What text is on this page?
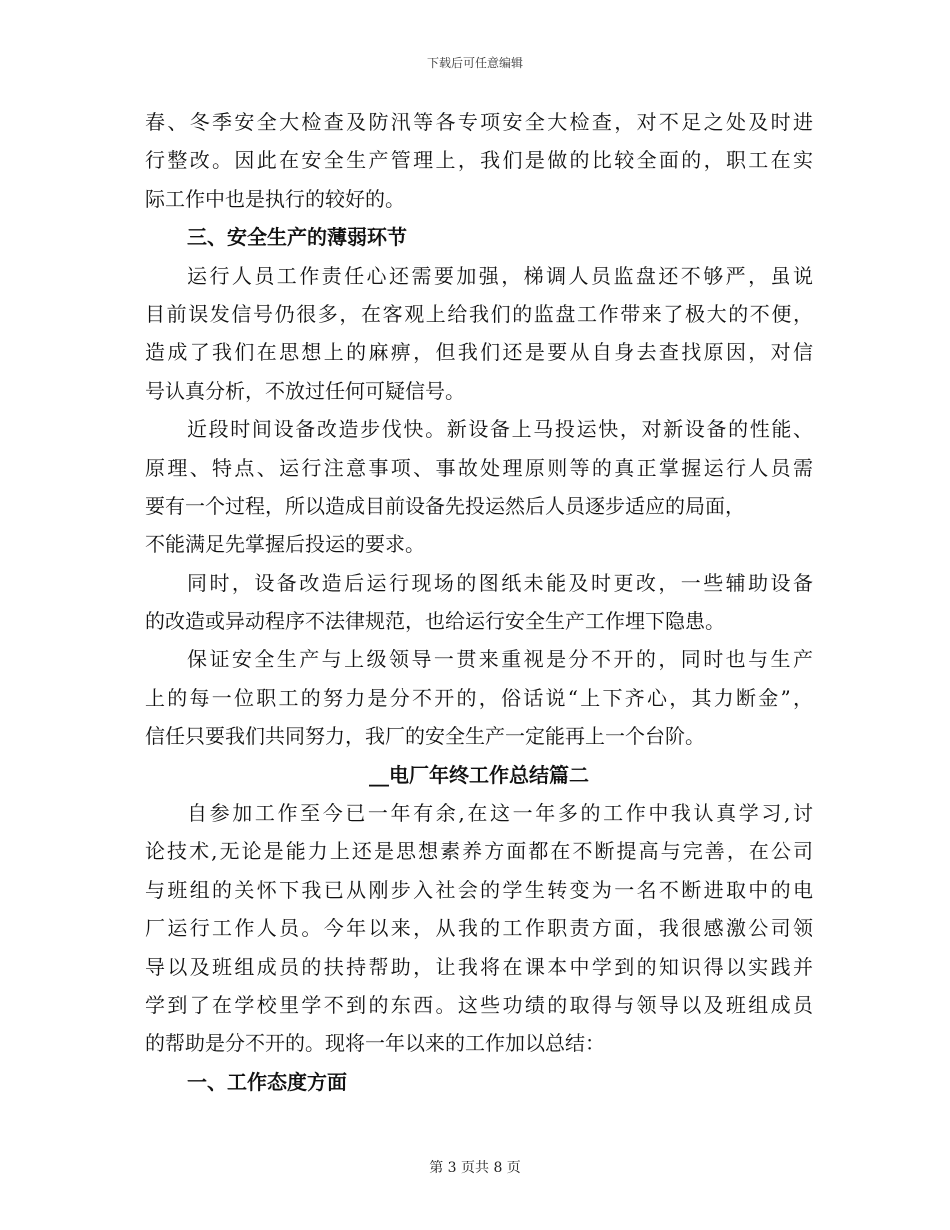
下载后可任意编辑
春、冬季安全大检查及防汛等各专项安全大检查，对不足之处及时进
行整改。因此在安全生产管理上，我们是做的比较全面的，职工在实
际工作中也是执行的较好的。
三、安全生产的薄弱环节
运行人员工作责任心还需要加强，梯调人员监盘还不够严，虽说
目前误发信号仍很多，在客观上给我们的监盘工作带来了极大的不便，
造成了我们在思想上的麻痹，但我们还是要从自身去查找原因，对信
号认真分析，不放过任何可疑信号。
近段时间设备改造步伐快。新设备上马投运快，对新设备的性能、
原理、特点、运行注意事项、事故处理原则等的真正掌握运行人员需
要有一个过程，所以造成目前设备先投运然后人员逐步适应的局面，
不能满足先掌握后投运的要求。
同时，设备改造后运行现场的图纸未能及时更改，一些辅助设备
的改造或异动程序不法律规范，也给运行安全生产工作埋下隐患。
保证安全生产与上级领导一贯来重视是分不开的，同时也与生产
上的每一位职工的努力是分不开的，俗话说“上下齐心，其力断金”，
信任只要我们共同努力，我厂的安全生产一定能再上一个台阶。
__电厂年终工作总结篇二
自参加工作至今已一年有余,在这一年多的工作中我认真学习,讨
论技术,无论是能力上还是思想素养方面都在不断提高与完善，在公司
与班组的关怀下我已从刚步入社会的学生转变为一名不断进取中的电
厂运行工作人员。今年以来，从我的工作职责方面，我很感激公司领
导以及班组成员的扶持帮助，让我将在课本中学到的知识得以实践并
学到了在学校里学不到的东西。这些功绩的取得与领导以及班组成员
的帮助是分不开的。现将一年以来的工作加以总结：
一、工作态度方面
第 3 页共 8 页
